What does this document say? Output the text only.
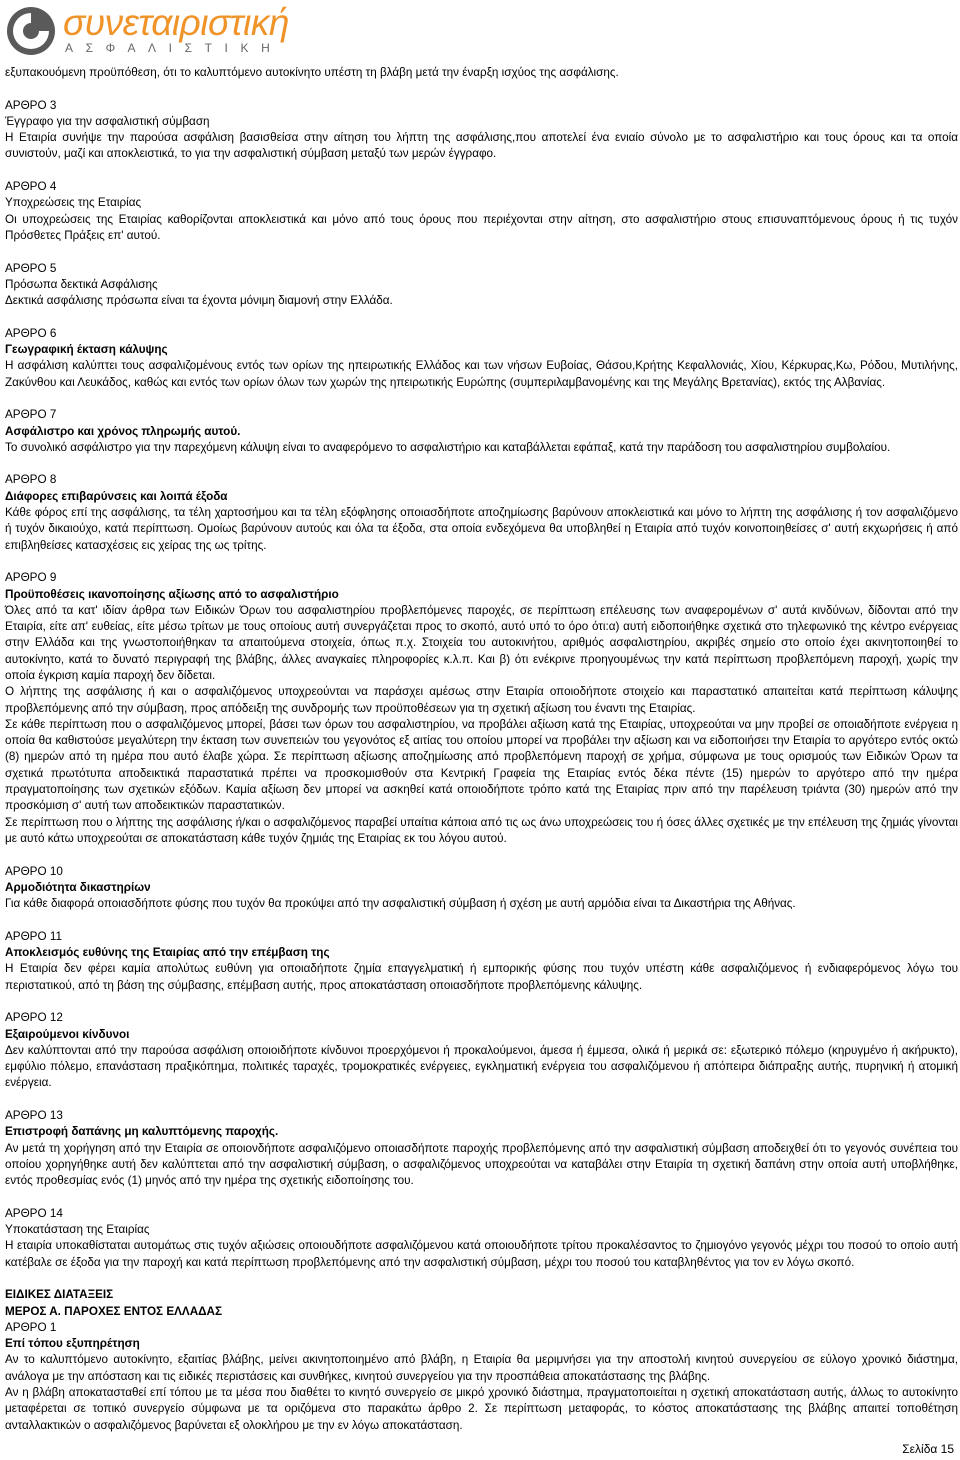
συνεταιριστική
ΑΣΦΑΛΙΣΤΙΚΗ

εξυπακουόμενη προϋπόθεση, ότι το καλυπτόμενο αυτοκίνητο υπέστη τη βλάβη μετά την έναρξη ισχύος της ασφάλισης.

ΑΡΘΡΟ 3

Έγγραφο για την ασφαλιστική σύμβαση

Η Εταιρία συνήψε την παρούσα ασφάλιση βασισθείσα στην αίτηση του λήπτη της ασφάλισης,που αποτελεί ένα ενιαίο σύνολο με το ασφαλιστήριο και τους όρους και τα οποία συνιστούν, μαζί και αποκλειστικά, το για την ασφαλιστική σύμβαση μεταξύ των μερών έγγραφο.

ΑΡΘΡΟ 4

Υποχρεώσεις της Εταιρίας

Οι υποχρεώσεις της Εταιρίας καθορίζονται αποκλειστικά και μόνο από τους όρους που περιέχονται στην αίτηση, στο ασφαλιστήριο στους επισυναπτόμενους όρους ή τις τυχόν Πρόσθετες Πράξεις επ' αυτού.

ΑΡΘΡΟ 5

Πρόσωπα δεκτικά Ασφάλισης

Δεκτικά ασφάλισης πρόσωπα είναι τα έχοντα μόνιμη διαμονή στην Ελλάδα.

ΑΡΘΡΟ 6

Γεωγραφική έκταση κάλυψης

Η ασφάλιση καλύπτει τους ασφαλιζομένους εντός των ορίων της ηπειρωτικής Ελλάδος και των νήσων Ευβοίας, Θάσου,Κρήτης Κεφαλλονιάς, Χίου, Κέρκυρας,Κω, Ρόδου, Μυτιλήνης, Ζακύνθου και Λευκάδος, καθώς και εντός των ορίων όλων των χωρών της ηπειρωτικής Ευρώπης (συμπεριλαμβανομένης και της Μεγάλης Βρετανίας), εκτός της Αλβανίας.

ΑΡΘΡΟ 7

Ασφάλιστρο και χρόνος πληρωμής αυτού.

Το συνολικό ασφάλιστρο για την παρεχόμενη κάλυψη είναι το αναφερόμενο το ασφαλιστήριο και καταβάλλεται εφάπαξ, κατά την παράδοση του ασφαλιστηρίου συμβολαίου.

ΑΡΘΡΟ 8

Διάφορες επιβαρύνσεις και λοιπά έξοδα

Κάθε φόρος επί της ασφάλισης, τα τέλη χαρτοσήμου και τα τέλη εξόφλησης οποιασδήποτε αποζημίωσης βαρύνουν αποκλειστικά και μόνο το λήπτη της ασφάλισης ή τον ασφαλιζόμενο ή τυχόν δικαιούχο, κατά περίπτωση. Ομοίως βαρύνουν αυτούς και όλα τα έξοδα, στα οποία ενδεχόμενα θα υποβληθεί η Εταιρία από τυχόν κοινοποιηθείσες σ' αυτή εκχωρήσεις ή από επιβληθείσες κατασχέσεις εις χείρας της ως τρίτης.

ΑΡΘΡΟ 9

Προϋποθέσεις ικανοποίησης αξίωσης από το ασφαλιστήριο

Όλες από τα κατ' ιδίαν άρθρα των Ειδικών Όρων του ασφαλιστηρίου προβλεπόμενες παροχές, σε περίπτωση επέλευσης των αναφερομένων σ' αυτά κινδύνων, δίδονται από την Εταιρία, είτε απ' ευθείας, είτε μέσω τρίτων με τους οποίους αυτή συνεργάζεται προς το σκοπό, αυτό υπό το όρο ότι:α) αυτή ειδοποιήθηκε σχετικά στο τηλεφωνικό της κέντρο ενέργειας στην Ελλάδα και της γνωστοποιήθηκαν τα απαιτούμενα στοιχεία, όπως π.χ. Στοιχεία του αυτοκινήτου, αριθμός ασφαλιστηρίου, ακριβές σημείο στο οποίο έχει ακινητοποιηθεί το αυτοκίνητο, κατά το δυνατό περιγραφή της βλάβης, άλλες αναγκαίες πληροφορίες κ.λ.π. Και β) ότι ενέκρινε προηγουμένως την κατά περίπτωση προβλεπόμενη παροχή, χωρίς την οποία έγκριση καμία παροχή δεν δίδεται.

Ο λήπτης της ασφάλισης ή και ο ασφαλιζόμενος υποχρεούνται να παράσχει αμέσως στην Εταιρία οποιοδήποτε στοιχείο και παραστατικό απαιτείται κατά περίπτωση κάλυψης προβλεπόμενης από την σύμβαση, προς απόδειξη της συνδρομής των προϋποθέσεων για τη σχετική αξίωση του έναντι της Εταιρίας.

Σε κάθε περίπτωση που ο ασφαλιζόμενος μπορεί, βάσει των όρων του ασφαλιστηρίου, να προβάλει αξίωση κατά της Εταιρίας, υποχρεούται να μην προβεί σε οποιαδήποτε ενέργεια η οποία θα καθιστούσε μεγαλύτερη την έκταση των συνεπειών του γεγονότος εξ αιτίας του οποίου μπορεί να προβάλει την αξίωση και να ειδοποιήσει την Εταιρία το αργότερο εντός οκτώ (8) ημερών από τη ημέρα που αυτό έλαβε χώρα. Σε περίπτωση αξίωσης αποζημίωσης από προβλεπόμενη παροχή σε χρήμα, σύμφωνα με τους ορισμούς των Ειδικών Όρων τα σχετικά πρωτότυπα αποδεικτικά παραστατικά πρέπει να προσκομισθούν στα Κεντρική Γραφεία της Εταιρίας εντός δέκα πέντε (15) ημερών το αργότερο από την ημέρα πραγματοποίησης των σχετικών εξόδων. Καμία αξίωση δεν μπορεί να ασκηθεί κατά οποιοδήποτε τρόπο κατά της Εταιρίας πριν από την παρέλευση τριάντα (30) ημερών από την προσκόμιση σ' αυτή των αποδεικτικών παραστατικών.

Σε περίπτωση που ο λήπτης της ασφάλισης ή/και ο ασφαλιζόμενος παραβεί υπαίτια κάποια από τις ως άνω υποχρεώσεις του ή όσες άλλες σχετικές με την επέλευση της ζημιάς γίνονται με αυτό κάτω υποχρεούται σε αποκατάσταση κάθε τυχόν ζημιάς της Εταιρίας εκ του λόγου αυτού.

ΑΡΘΡΟ 10

Αρμοδιότητα δικαστηρίων

Για κάθε διαφορά οποιασδήποτε φύσης που τυχόν θα προκύψει από την ασφαλιστική σύμβαση ή σχέση με αυτή αρμόδια είναι τα Δικαστήρια της Αθήνας.

ΑΡΘΡΟ 11

Αποκλεισμός ευθύνης της Εταιρίας από την επέμβαση της

Η Εταιρία δεν φέρει καμία απολύτως ευθύνη για οποιαδήποτε ζημία επαγγελματική ή εμπορικής φύσης που τυχόν υπέστη κάθε ασφαλιζόμενος ή ενδιαφερόμενος λόγω του περιστατικού, από τη βάση της σύμβασης, επέμβαση αυτής, προς αποκατάσταση οποιασδήποτε προβλεπόμενης κάλυψης.

ΑΡΘΡΟ 12

Εξαιρούμενοι κίνδυνοι

Δεν καλύπτονται από την παρούσα ασφάλιση οποιοιδήποτε κίνδυνοι προερχόμενοι ή προκαλούμενοι, άμεσα ή έμμεσα, ολικά ή μερικά σε: εξωτερικό πόλεμο (κηρυγμένο ή ακήρυκτο), εμφύλιο πόλεμο, επανάσταση πραξικόπημα, πολιτικές ταραχές, τρομοκρατικές ενέργειες, εγκληματική ενέργεια του ασφαλιζόμενου ή απόπειρα διάπραξης αυτής, πυρηνική ή ατομική ενέργεια.

ΑΡΘΡΟ 13

Επιστροφή δαπάνης μη καλυπτόμενης παροχής.

Αν μετά τη χορήγηση από την Εταιρία σε οποιονδήποτε ασφαλιζόμενο οποιασδήποτε παροχής προβλεπόμενης από την ασφαλιστική σύμβαση αποδειχθεί ότι το γεγονός συνέπεια του οποίου χορηγήθηκε αυτή δεν καλύπτεται από την ασφαλιστική σύμβαση, ο ασφαλιζόμενος υποχρεούται να καταβάλει στην Εταιρία τη σχετική δαπάνη στην οποία αυτή υποβλήθηκε, εντός προθεσμίας ενός (1) μηνός από την ημέρα της σχετικής ειδοποίησης του.

ΑΡΘΡΟ 14

Υποκατάσταση της Εταιρίας

Η εταιρία υποκαθίσταται αυτομάτως στις τυχόν αξιώσεις οποιουδήποτε ασφαλιζόμενου κατά οποιουδήποτε τρίτου προκαλέσαντος το ζημιογόνο γεγονός μέχρι του ποσού το οποίο αυτή κατέβαλε σε έξοδα για την παροχή και κατά περίπτωση προβλεπόμενης από την ασφαλιστική σύμβαση, μέχρι του ποσού του καταβληθέντος για τον εν λόγω σκοπό.

ΕΙΔΙΚΕΣ ΔΙΑΤΑΞΕΙΣ

ΜΕΡΟΣ Α. ΠΑΡΟΧΕΣ ΕΝΤΟΣ ΕΛΛΑΔΑΣ

ΑΡΘΡΟ 1

Επί τόπου εξυπηρέτηση

Αν το καλυπτόμενο αυτοκίνητο, εξαιτίας βλάβης, μείνει ακινητοποιημένο από βλάβη, η Εταιρία θα μεριμνήσει για την αποστολή κινητού συνεργείου σε εύλογο χρονικό διάστημα, ανάλογα με την απόσταση και τις ειδικές περιστάσεις και συνθήκες, κινητού συνεργείου για την προσπάθεια αποκατάστασης της βλάβης.

Αν η βλάβη αποκατασταθεί επί τόπου με τα μέσα που διαθέτει το κινητό συνεργείο σε μικρό χρονικό διάστημα, πραγματοποιείται η σχετική αποκατάσταση αυτής, άλλως το αυτοκίνητο μεταφέρεται σε τοπικό συνεργείο σύμφωνα με τα οριζόμενα στο παρακάτω άρθρο 2. Σε περίπτωση μεταφοράς, το κόστος αποκατάστασης της βλάβης απαιτεί τοποθέτηση ανταλλακτικών ο ασφαλιζόμενος βαρύνεται εξ ολοκλήρου με την εν λόγω αποκατάσταση.

Σελίδα 15
